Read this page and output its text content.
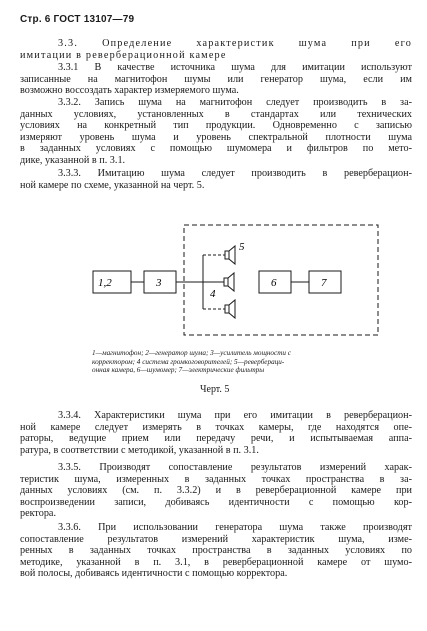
Стр. 6 ГОСТ 13107—79
3.3. Определение характеристик шума при его
имитации в реверберационной камере
3.3.1 В качестве источника шума для имитации используют
записанные на магнитофон шумы или генератор шума, если им
возможно воссоздать характер измеряемого шума.
3.3.2. Запись шума на магнитофон следует производить в за-
данных условиях, установленных в стандартах или технических
условиях на конкретный тип продукции. Одновременно с записью
измеряют уровень шума и уровень спектральной плотности шума
в заданных условиях с помощью шумомера и фильтров по мето-
дике, указанной в п. 3.1.
3.3.3. Имитацию шума следует производить в реверберацион-
ной камере по схеме, указанной на черт. 5.
1,2	3	6	7
4
5
1—магнитофон; 2—генератор шума; 3—усилитель мощности с
корректором; 4 система громкоговорителей; 5—ревербераци-
онная камера, 6—шумомер; 7—электрические фильтры
Черт. 5
3.3.4. Характеристики шума при его имитации в реверберацион-
ной камере следует измерять в точках камеры, где находятся опе-
раторы, ведущие прием или передачу речи, и испытываемая аппа-
ратура, в соответствии с методикой, указанной в п. 3.1.
3.3.5. Производят сопоставление результатов измерений харак-
теристик шума, измеренных в заданных точках пространства в за-
данных условиях (см. п. 3.3.2) и в реверберационной камере при
воспроизведении записи, добиваясь идентичности с помощью кор-
ректора.
3.3.6. При использовании генератора шума также производят
сопоставление результатов измерений характеристик шума, изме-
ренных в заданных точках пространства в заданных условиях по
методике, указанной в п. 3.1, в реверберационной камере от шумо-
вой полосы, добиваясь идентичности с помощью корректора.
